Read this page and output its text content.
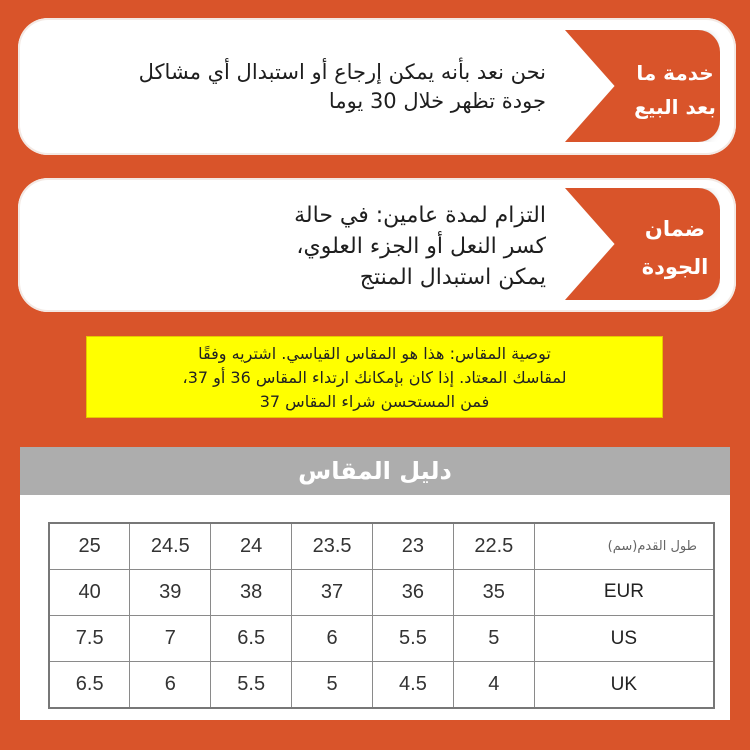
نحن نعد بأنه يمكن إرجاع أو استبدال أي مشاكل
جودة تظهر خلال 30 يوما
خدمة ما
بعد البيع
التزام لمدة عامين: في حالة
كسر النعل أو الجزء العلوي،
يمكن استبدال المنتج
ضمان
الجودة
توصية المقاس: هذا هو المقاس القياسي. اشتريه وفقًا
لمقاسك المعتاد. إذا كان بإمكانك ارتداء المقاس 36 أو 37،
فمن المستحسن شراء المقاس 37
دليل المقاس
25	24.5	24	23.5	23	22.5	طول القدم(سم)
40	39	38	37	36	35	EUR
7.5	7	6.5	6	5.5	5	US
6.5	6	5.5	5	4.5	4	UK
